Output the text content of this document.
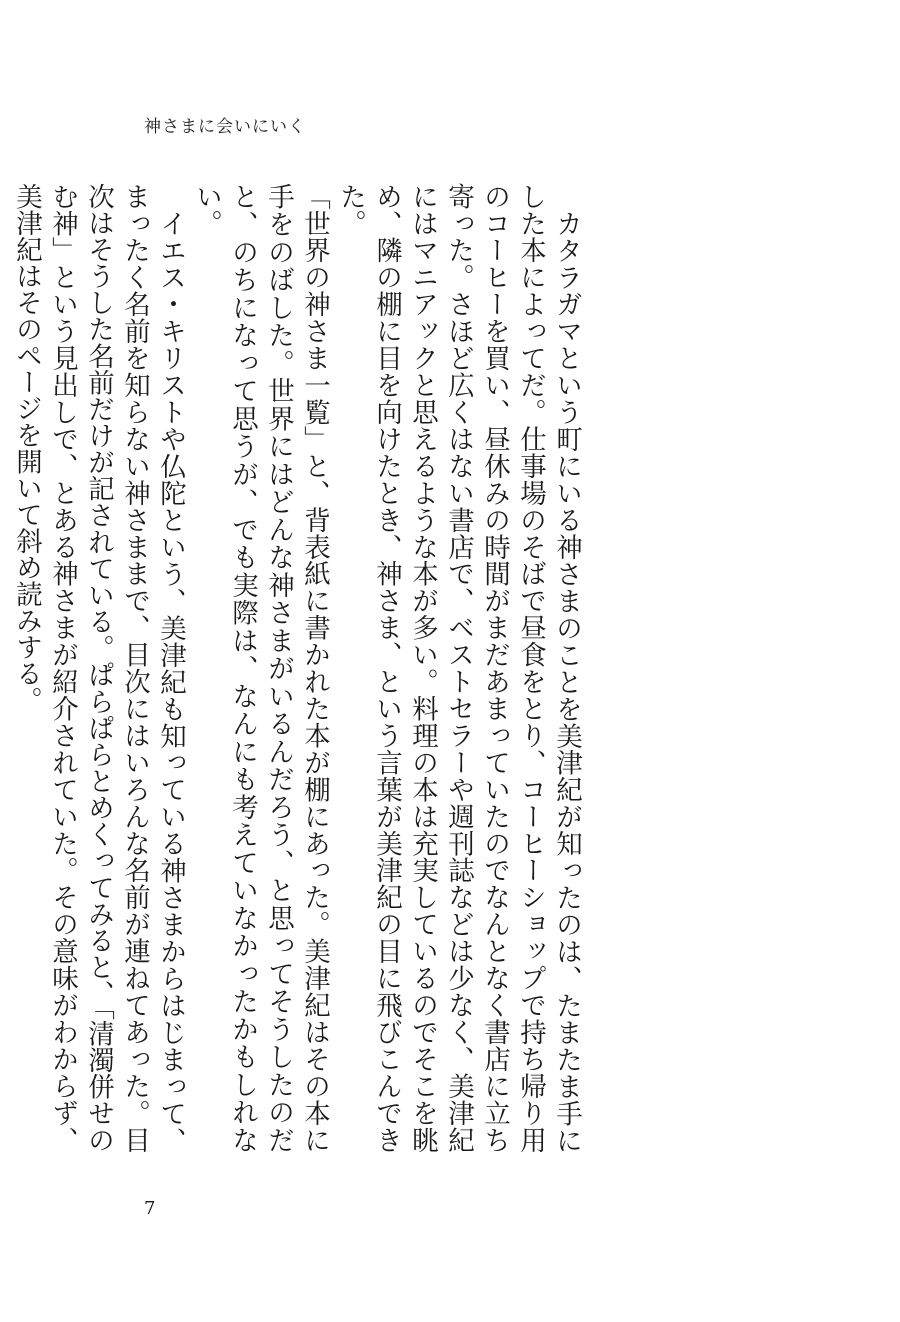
神さまに会いにいく

カタラガマという町にいる神さまのことを美津紀が知ったのは、たまたま手にした本によってだ。仕事場のそばで昼食をとり、コーヒーショップで持ち帰り用のコーヒーを買い、昼休みの時間がまだあまっていたのでなんとなく書店に立ち寄った。さほど広くはない書店で、ベストセラーや週刊誌などは少なく、美津紀にはマニアックと思えるような本が多い。料理の本は充実しているのでそこを眺め、隣の棚に目を向けたとき、神さま、という言葉が美津紀の目に飛びこんできた。

「世界の神さま一覧」と、背表紙に書かれた本が棚にあった。美津紀はその本に手をのばした。世界にはどんな神さまがいるんだろう、と思ってそうしたのだと、のちになって思うが、でも実際は、なんにも考えていなかったかもしれない。

イエス・キリストや仏陀という、美津紀も知っている神さまからはじまって、まったく名前を知らない神さままで、目次にはいろんな名前が連ねてあった。目次はそうした名前だけが記されている。ぱらぱらとめくってみると、「清濁併せのむ神」という見出しで、とある神さまが紹介されていた。その意味がわからず、美津紀はそのページを開いて斜め読みする。

7
